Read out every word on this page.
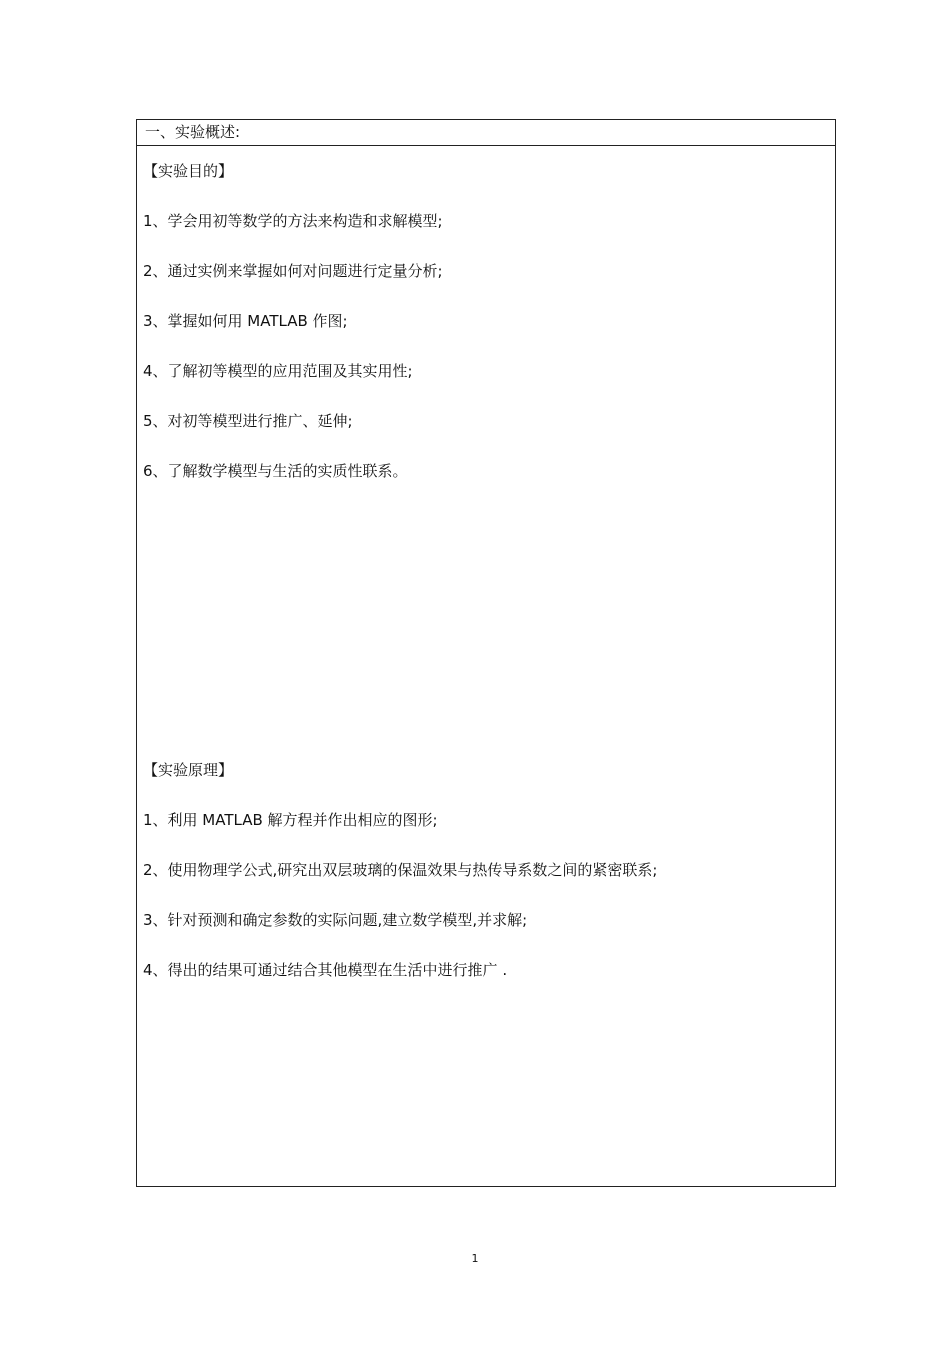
一、实验概述:
【实验目的】
1、学会用初等数学的方法来构造和求解模型;
2、通过实例来掌握如何对问题进行定量分析;
3、掌握如何用 MATLAB 作图;
4、了解初等模型的应用范围及其实用性;
5、对初等模型进行推广、延伸;
6、了解数学模型与生活的实质性联系。
【实验原理】
1、利用 MATLAB 解方程并作出相应的图形;
2、使用物理学公式,研究出双层玻璃的保温效果与热传导系数之间的紧密联系;
3、针对预测和确定参数的实际问题,建立数学模型,并求解;
4、得出的结果可通过结合其他模型在生活中进行推广 .
1
